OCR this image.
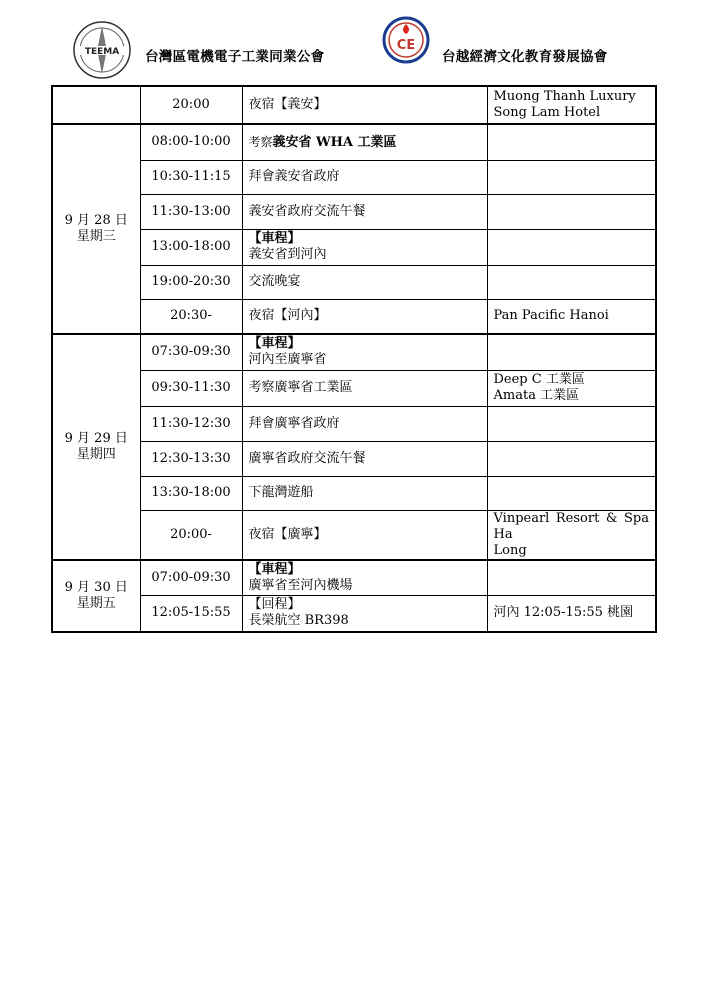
TEEMA 台灣區電機電子工業同業公會
CE
台越經濟文化教育發展協會
	20:00	夜宿【義安】	Muong Thanh Luxury
Song Lam Hotel

9 月 28 日
星期三	08:00-10:00	考察義安省 WHA 工業區	
	10:30-11:15	拜會義安省政府	
	11:30-13:00	義安省政府交流午餐	
	13:00-18:00	【車程】
義安省到河內	

	19:00-20:30	交流晚宴	
	20:30-	夜宿【河內】	Pan Pacific Hanoi

9 月 29 日
星期四	07:30-09:30	【車程】
河內至廣寧省	

	09:30-11:30	考察廣寧省工業區	Deep C 工業區
Amata 工業區

	11:30-12:30	拜會廣寧省政府	
	12:30-13:30	廣寧省政府交流午餐	
	13:30-18:00	下龍灣遊船	
	20:00-	夜宿【廣寧】	Vinpearl Resort & Spa Ha
Long

9 月 30 日
星期五	07:00-09:30	【車程】
廣寧省至河內機場	

	12:05-15:55	【回程】
長榮航空 BR398	河內 12:05-15:55 桃園
